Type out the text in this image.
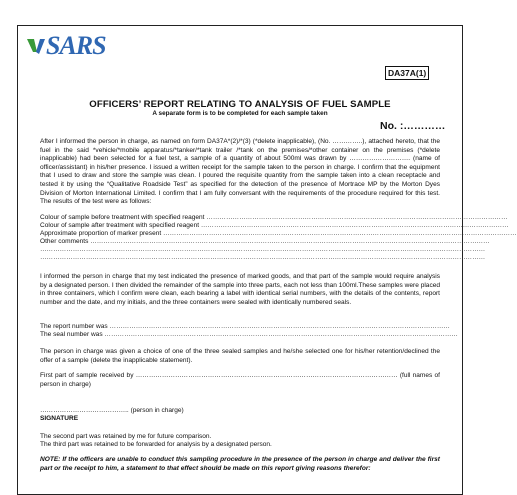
SARS
DA37A(1)
OFFICERS’ REPORT RELATING TO ANALYSIS OF FUEL SAMPLE
A separate form is to be completed for each sample taken
No. :…………

After I informed the person in charge, as named on form DA37A*(2)/*(3) (*delete inapplicable), (No. …………..), attached hereto, that the fuel in the said *vehicle/*mobile apparatus/*tanker/*tank trailer /*tank on the premises/*other container on the premises (*delete inapplicable) had been selected for a fuel test, a sample of a quantity of about 500ml was drawn by ………………………. (name of officer/assistant) in his/her presence. I issued a written receipt for the sample taken to the person in charge. I confirm that the equipment that I used to draw and store the sample was clean. I poured the requisite quantity from the sample taken into a clean receptacle and tested it by using the “Qualitative Roadside Test” as specified for the detection of the presence of Mortrace MP by the Morton Dyes Division of Morton International Limited. I confirm that I am fully conversant with the requirements of the procedure required for this test. The results of the test were as follows:

Colour of sample before treatment with specified reagent …………………………………………………………………………………………………………………………
Colour of sample after treatment with specified reagent ……………………………………………………………………………………………………………………………
Approximate proportion of marker present ………………………………………………………………………………………………………………………………………………
Other comments …………………………………………………………………………………………………………………………………………………………………
……………………………………………………………………………………………………………………………………………………………………………………
……………………………………………………………………………………………………………………………………………………………………………………

I informed the person in charge that my test indicated the presence of marked goods, and that part of the sample would require analysis by a designated person. I then divided the remainder of the sample into three parts, each not less than 100ml.These samples were placed in three containers, which I confirm were clean, each bearing a label with identical serial numbers, with the details of the contents, report number and the date, and my initials, and the three containers were sealed with identically numbered seals.

The report number was …………………………………………………………………………………………………………………………………………
The seal number was ………………………………………………………………………………………………………………………………………………

The person in charge was given a choice of one of the three sealed samples and he/she selected one for his/her retention/declined the offer of a sample (delete the inapplicable statement).

First part of sample received by ………………………………………………………………………………………………………… (full names of person in charge)

………………………………….. (person in charge)
SIGNATURE
The second part was retained by me for future comparison.
The third part was retained to be forwarded for analysis by a designated person.

NOTE: If the officers are unable to conduct this sampling procedure in the presence of the person in charge and deliver the first part or the receipt to him, a statement to that effect should be made on this report giving reasons therefor:
